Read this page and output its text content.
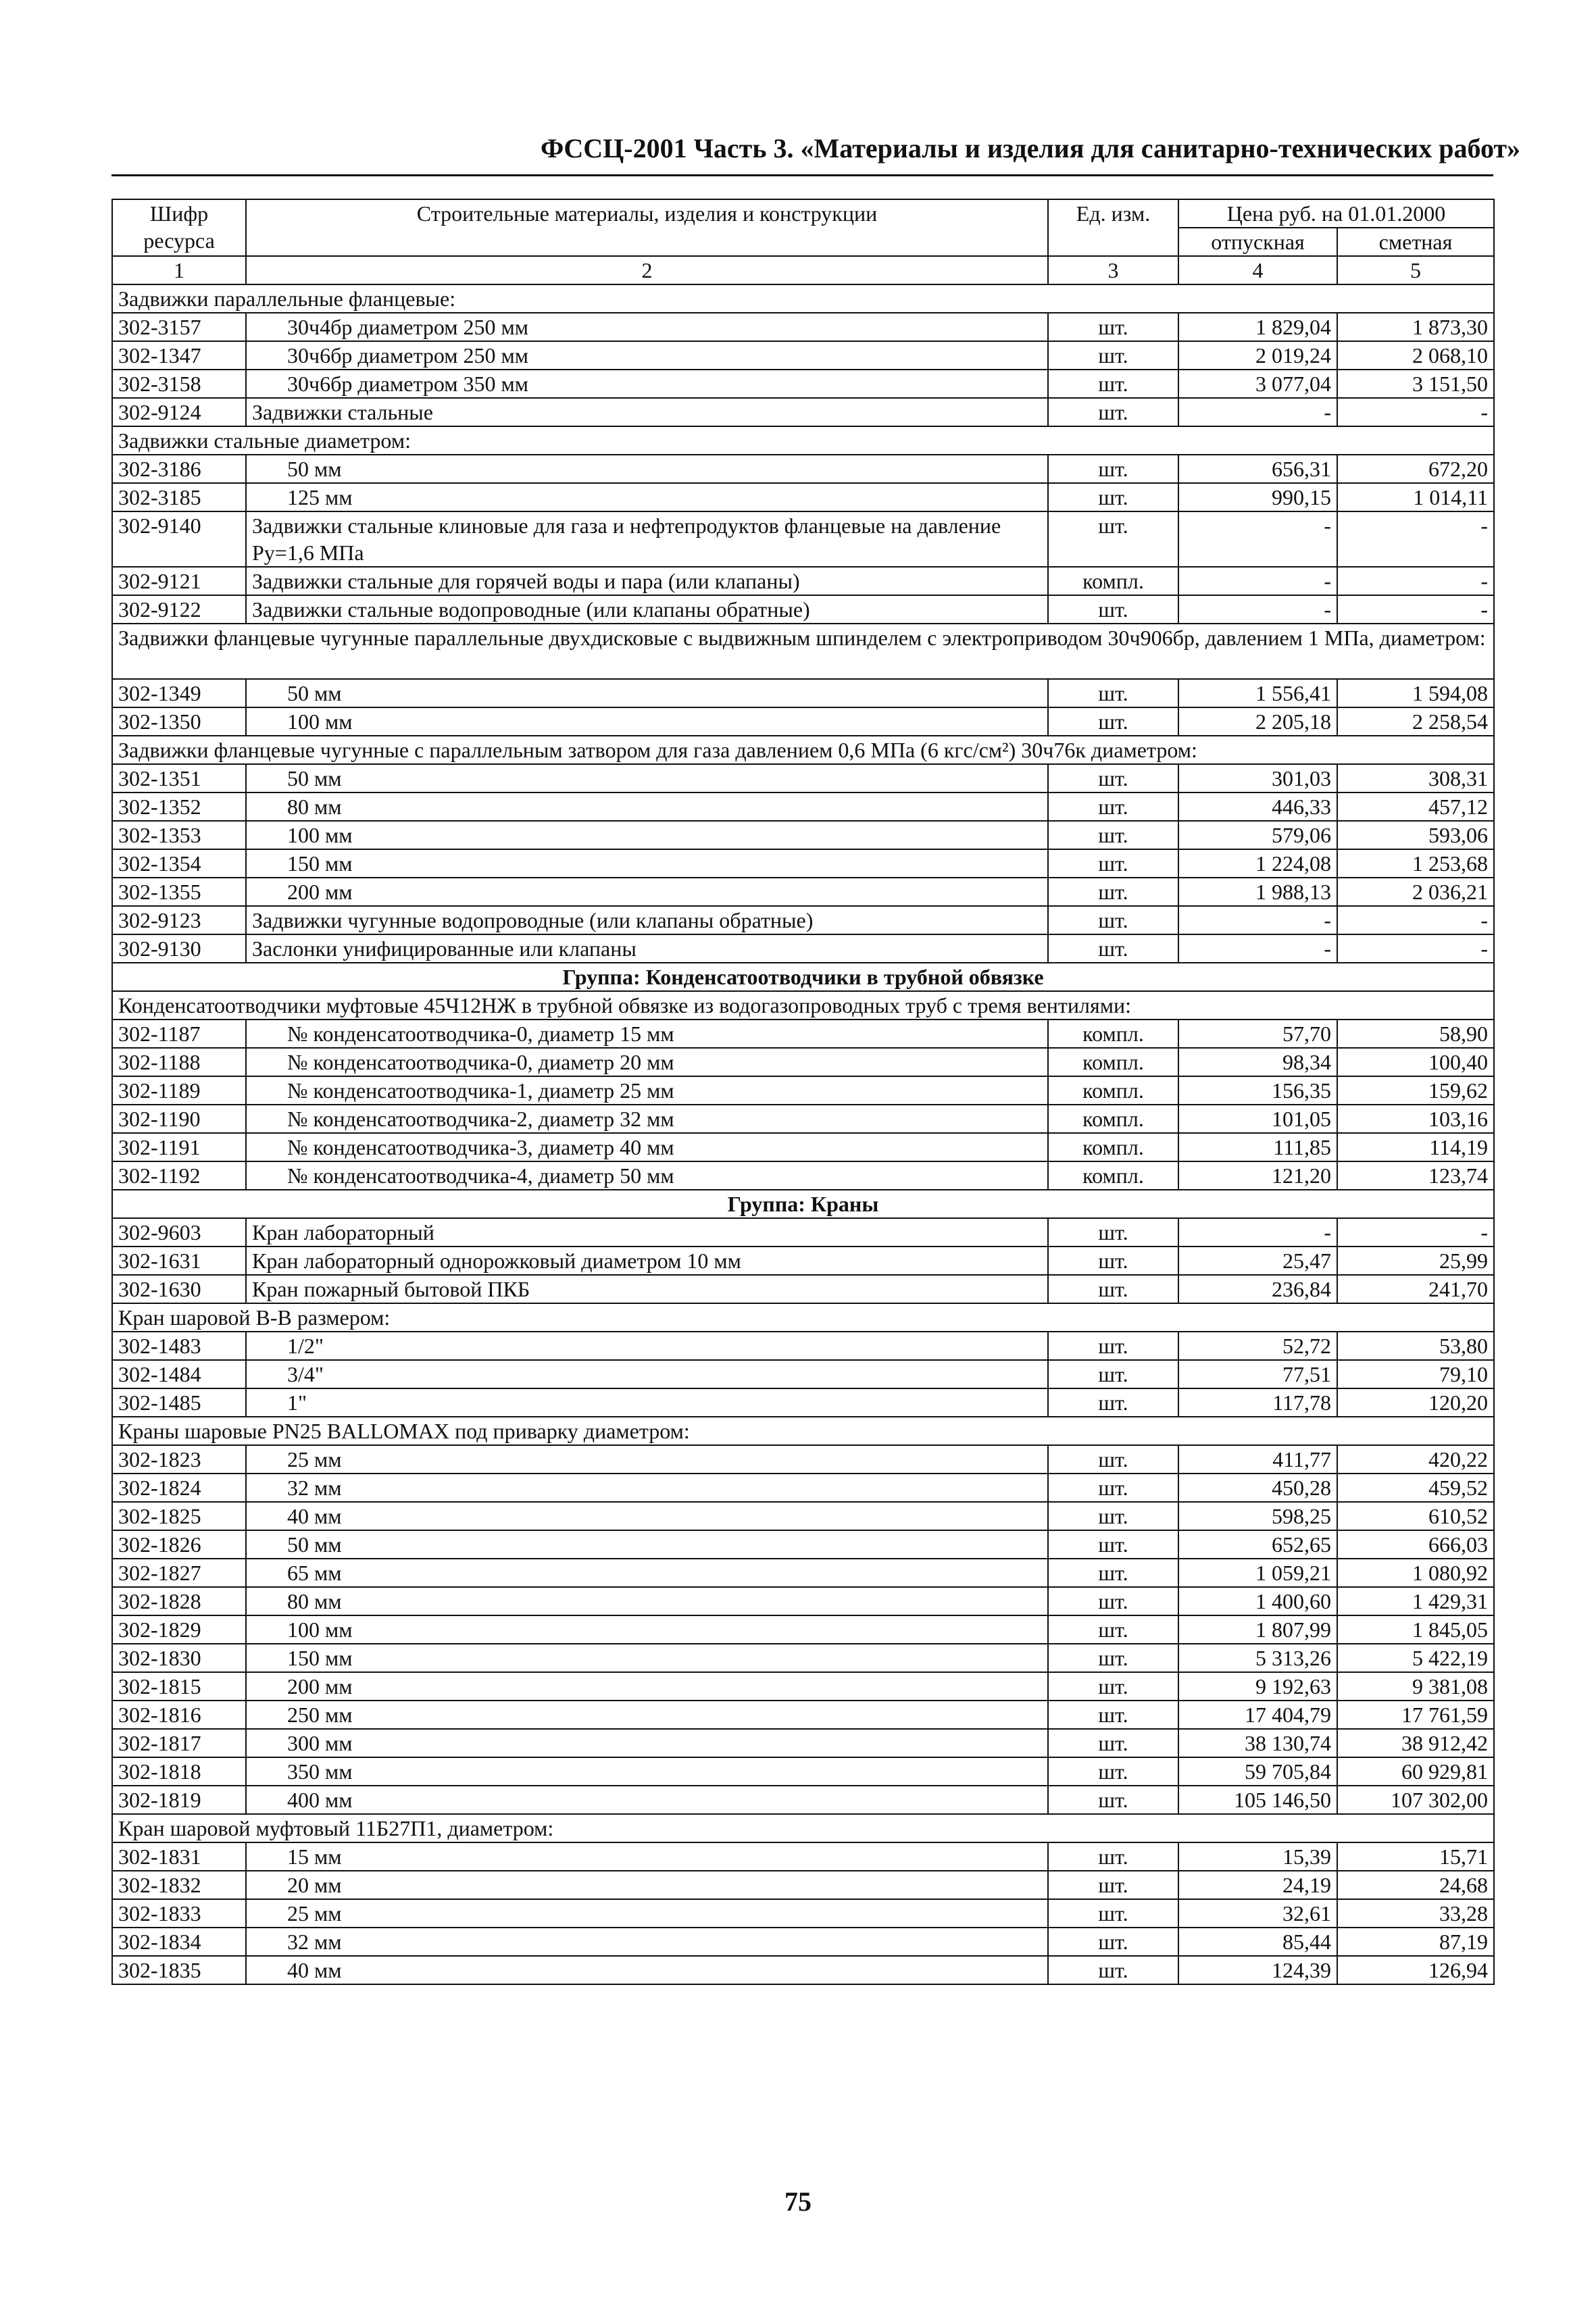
ФССЦ-2001 Часть 3. «Материалы и изделия для санитарно-технических работ»
Шифр ресурса	Строительные материалы, изделия и конструкции	Ед. изм.	Цена руб. на 01.01.2000	
			отпускная	сметная
1	2	3	4	5
Задвижки параллельные фланцевые:				
302-3157	30ч4бр диаметром 250 мм	шт.	1 829,04	1 873,30
302-1347	30ч6бр диаметром 250 мм	шт.	2 019,24	2 068,10
302-3158	30ч6бр диаметром 350 мм	шт.	3 077,04	3 151,50
302-9124	Задвижки стальные	шт.	-	-
Задвижки стальные диаметром:				
302-3186	50 мм	шт.	656,31	672,20
302-3185	125 мм	шт.	990,15	1 014,11
302-9140	Задвижки стальные клиновые для газа и нефтепродуктов фланцевые на давление Ру=1,6 МПа	шт.	-	-
302-9121	Задвижки стальные для горячей воды и пара (или клапаны)	компл.	-	-
302-9122	Задвижки стальные водопроводные (или клапаны обратные)	шт.	-	-
Задвижки фланцевые чугунные параллельные двухдисковые с выдвижным шпинделем с электроприводом 30ч906бр, давлением 1 МПа, диаметром:				
302-1349	50 мм	шт.	1 556,41	1 594,08
302-1350	100 мм	шт.	2 205,18	2 258,54
Задвижки фланцевые чугунные с параллельным затвором для газа давлением 0,6 МПа (6 кгс/см²) 30ч76к диаметром:				
302-1351	50 мм	шт.	301,03	308,31
302-1352	80 мм	шт.	446,33	457,12
302-1353	100 мм	шт.	579,06	593,06
302-1354	150 мм	шт.	1 224,08	1 253,68
302-1355	200 мм	шт.	1 988,13	2 036,21
302-9123	Задвижки чугунные водопроводные (или клапаны обратные)	шт.	-	-
302-9130	Заслонки унифицированные или клапаны	шт.	-	-
Группа: Конденсатоотводчики в трубной обвязке				
Конденсатоотводчики муфтовые 45Ч12НЖ в трубной обвязке из водогазопроводных труб с тремя вентилями:				
302-1187	№ конденсатоотводчика-0, диаметр 15 мм	компл.	57,70	58,90
302-1188	№ конденсатоотводчика-0, диаметр 20 мм	компл.	98,34	100,40
302-1189	№ конденсатоотводчика-1, диаметр 25 мм	компл.	156,35	159,62
302-1190	№ конденсатоотводчика-2, диаметр 32 мм	компл.	101,05	103,16
302-1191	№ конденсатоотводчика-3, диаметр 40 мм	компл.	111,85	114,19
302-1192	№ конденсатоотводчика-4, диаметр 50 мм	компл.	121,20	123,74
Группа: Краны				
302-9603	Кран лабораторный	шт.	-	-
302-1631	Кран лабораторный однорожковый диаметром 10 мм	шт.	25,47	25,99
302-1630	Кран пожарный бытовой ПКБ	шт.	236,84	241,70
Кран шаровой В-В размером:				
302-1483	1/2"	шт.	52,72	53,80
302-1484	3/4"	шт.	77,51	79,10
302-1485	1"	шт.	117,78	120,20
Краны шаровые PN25 BALLOMAX под приварку диаметром:				
302-1823	25 мм	шт.	411,77	420,22
302-1824	32 мм	шт.	450,28	459,52
302-1825	40 мм	шт.	598,25	610,52
302-1826	50 мм	шт.	652,65	666,03
302-1827	65 мм	шт.	1 059,21	1 080,92
302-1828	80 мм	шт.	1 400,60	1 429,31
302-1829	100 мм	шт.	1 807,99	1 845,05
302-1830	150 мм	шт.	5 313,26	5 422,19
302-1815	200 мм	шт.	9 192,63	9 381,08
302-1816	250 мм	шт.	17 404,79	17 761,59
302-1817	300 мм	шт.	38 130,74	38 912,42
302-1818	350 мм	шт.	59 705,84	60 929,81
302-1819	400 мм	шт.	105 146,50	107 302,00
Кран шаровой муфтовый 11Б27П1, диаметром:				
302-1831	15 мм	шт.	15,39	15,71
302-1832	20 мм	шт.	24,19	24,68
302-1833	25 мм	шт.	32,61	33,28
302-1834	32 мм	шт.	85,44	87,19
302-1835	40 мм	шт.	124,39	126,94
75
